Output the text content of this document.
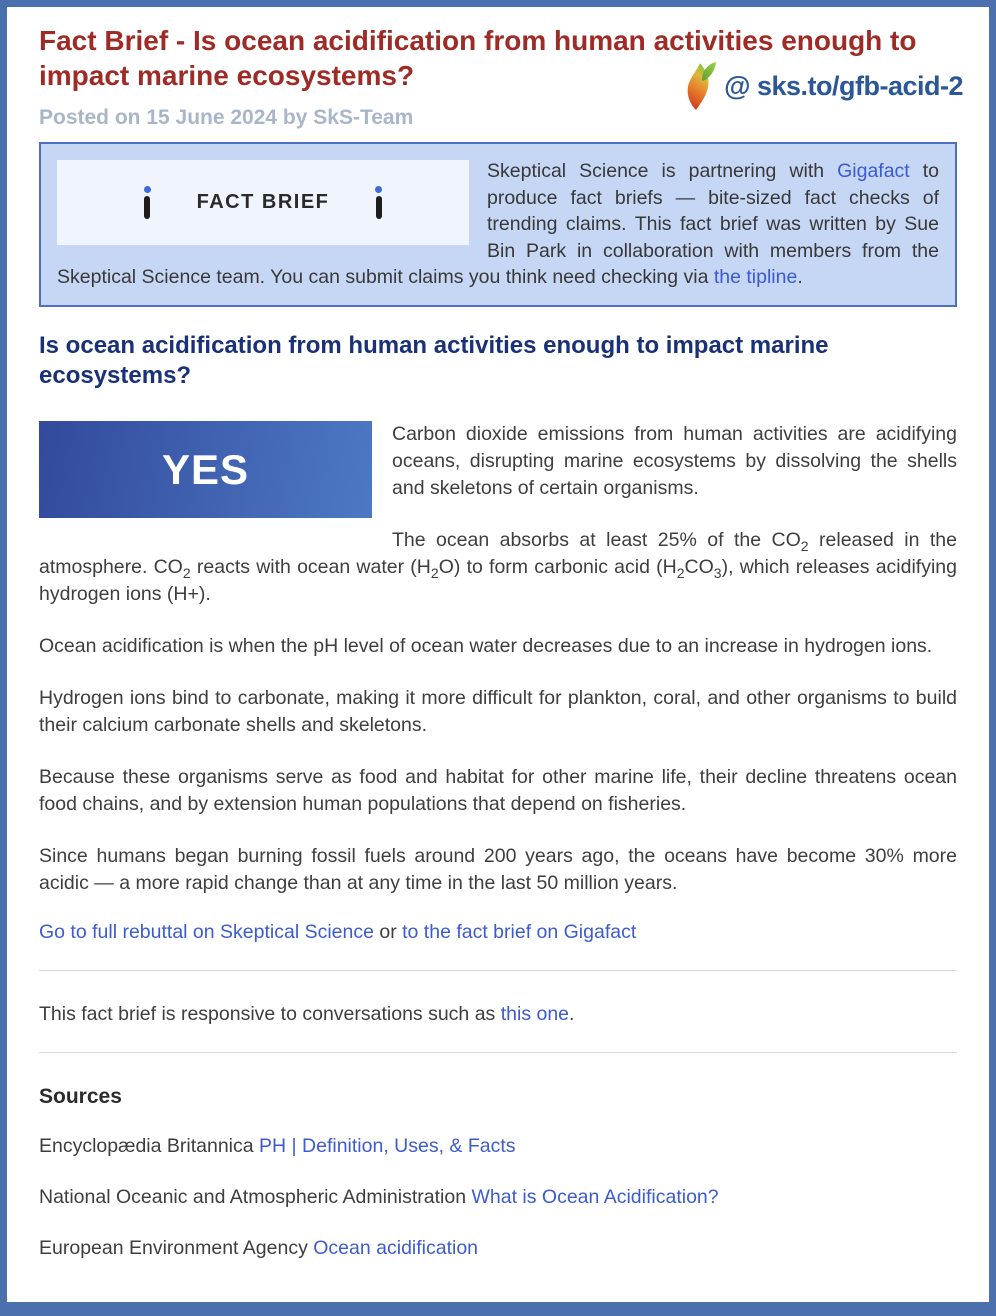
Fact Brief - Is ocean acidification from human activities enough to impact marine ecosystems?	@ sks.to/gfb-acid-2
Posted on 15 June 2024 by SkS-Team
FACT BRIEF

Skeptical Science is partnering with Gigafact to produce fact briefs — bite-sized fact checks of trending claims. This fact brief was written by Sue Bin Park in collaboration with members from the Skeptical Science team. You can submit claims you think need checking via the tipline.

Is ocean acidification from human activities enough to impact marine ecosystems?
YES

Carbon dioxide emissions from human activities are acidifying oceans, disrupting marine ecosystems by dissolving the shells and skeletons of certain organisms.

The ocean absorbs at least 25% of the $CO_2$ released in the atmosphere. $CO_2$ reacts with ocean water $(H_2O)$ to form carbonic acid $(H_2CO_3)$, which releases acidifying hydrogen ions (H+).

Ocean acidification is when the pH level of ocean water decreases due to an increase in hydrogen ions.

Hydrogen ions bind to carbonate, making it more difficult for plankton, coral, and other organisms to build their calcium carbonate shells and skeletons.

Because these organisms serve as food and habitat for other marine life, their decline threatens ocean food chains, and by extension human populations that depend on fisheries.

Since humans began burning fossil fuels around 200 years ago, the oceans have become 30% more acidic — a more rapid change than at any time in the last 50 million years.

Go to full rebuttal on Skeptical Science or to the fact brief on Gigafact

This fact brief is responsive to conversations such as this one.

Sources

Encyclopædia Britannica PH | Definition, Uses, & Facts

National Oceanic and Atmospheric Administration What is Ocean Acidification?

European Environment Agency Ocean acidification
